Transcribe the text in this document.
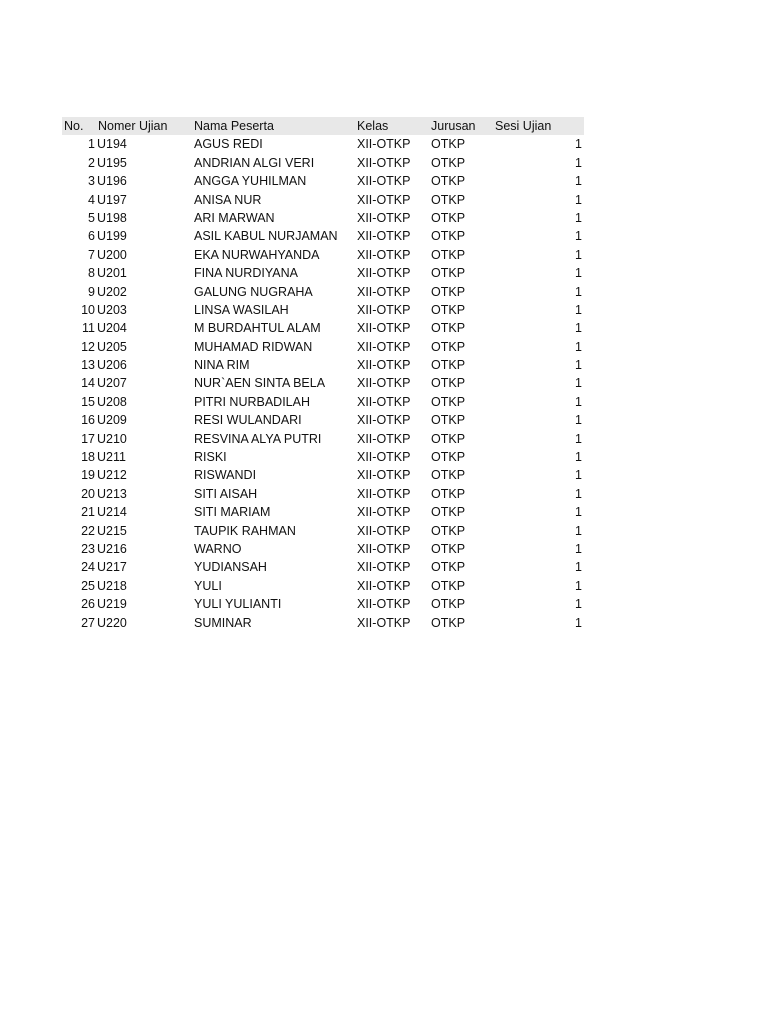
No.	Nomer Ujian	Nama Peserta	Kelas	Jurusan	Sesi Ujian
1 U194	AGUS REDI	XII-OTKP	OTKP	1
2 U195	ANDRIAN ALGI VERI	XII-OTKP	OTKP	1
3 U196	ANGGA YUHILMAN	XII-OTKP	OTKP	1
4 U197	ANISA NUR	XII-OTKP	OTKP	1
5 U198	ARI MARWAN	XII-OTKP	OTKP	1
6 U199	ASIL KABUL NURJAMAN	XII-OTKP	OTKP	1
7 U200	EKA NURWAHYANDA	XII-OTKP	OTKP	1
8 U201	FINA NURDIYANA	XII-OTKP	OTKP	1
9 U202	GALUNG NUGRAHA	XII-OTKP	OTKP	1
10 U203	LINSA WASILAH	XII-OTKP	OTKP	1
11 U204	M BURDAHTUL ALAM	XII-OTKP	OTKP	1
12 U205	MUHAMAD RIDWAN	XII-OTKP	OTKP	1
13 U206	NINA RIM	XII-OTKP	OTKP	1
14 U207	NUR`AEN SINTA BELA	XII-OTKP	OTKP	1
15 U208	PITRI NURBADILAH	XII-OTKP	OTKP	1
16 U209	RESI WULANDARI	XII-OTKP	OTKP	1
17 U210	RESVINA ALYA PUTRI	XII-OTKP	OTKP	1
18 U211	RISKI	XII-OTKP	OTKP	1
19 U212	RISWANDI	XII-OTKP	OTKP	1
20 U213	SITI AISAH	XII-OTKP	OTKP	1
21 U214	SITI MARIAM	XII-OTKP	OTKP	1
22 U215	TAUPIK RAHMAN	XII-OTKP	OTKP	1
23 U216	WARNO	XII-OTKP	OTKP	1
24 U217	YUDIANSAH	XII-OTKP	OTKP	1
25 U218	YULI	XII-OTKP	OTKP	1
26 U219	YULI YULIANTI	XII-OTKP	OTKP	1
27 U220	SUMINAR	XII-OTKP	OTKP	1
